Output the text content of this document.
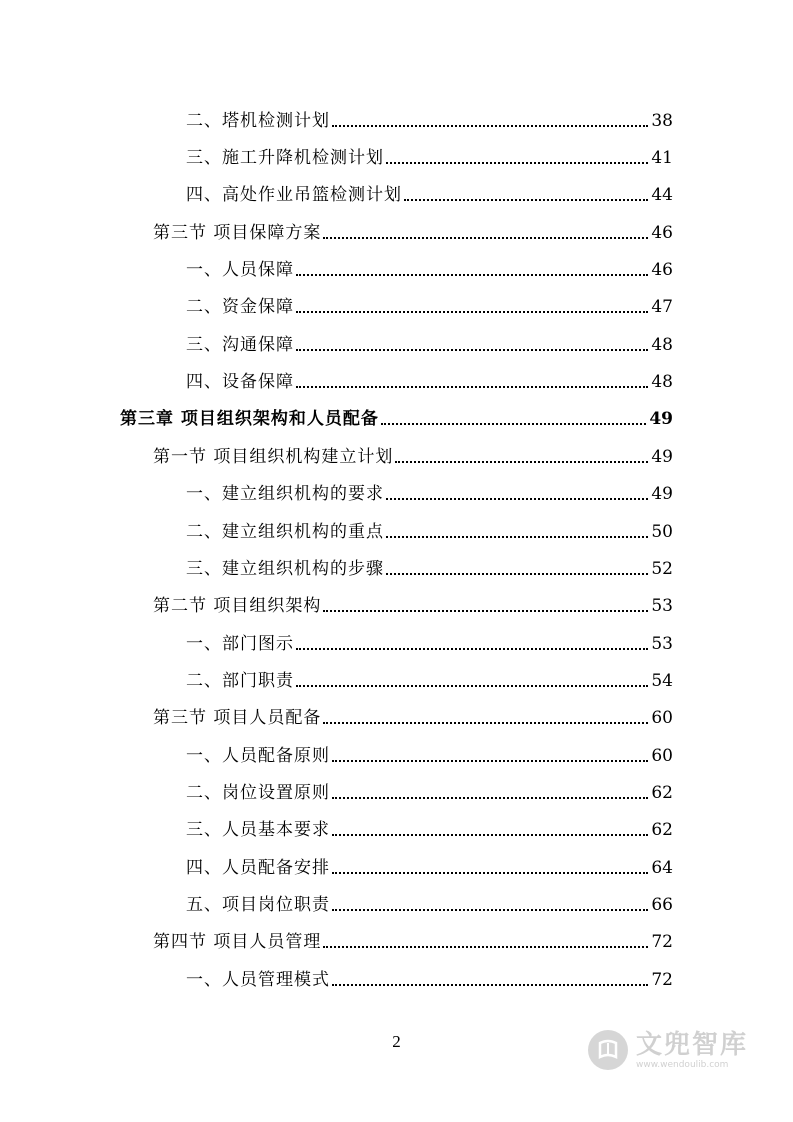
二、塔机检测计划	38
三、施工升降机检测计划	41
四、高处作业吊篮检测计划	44
第三节 项目保障方案	46
一、人员保障	46
二、资金保障	47
三、沟通保障	48
四、设备保障	48
第三章 项目组织架构和人员配备	49
第一节 项目组织机构建立计划	49
一、建立组织机构的要求	49
二、建立组织机构的重点	50
三、建立组织机构的步骤	52
第二节 项目组织架构	53
一、部门图示	53
二、部门职责	54
第三节 项目人员配备	60
一、人员配备原则	60
二、岗位设置原则	62
三、人员基本要求	62
四、人员配备安排	64
五、项目岗位职责	66
第四节 项目人员管理	72
一、人员管理模式	72
2	文兜智库
www.wendoulib.com
